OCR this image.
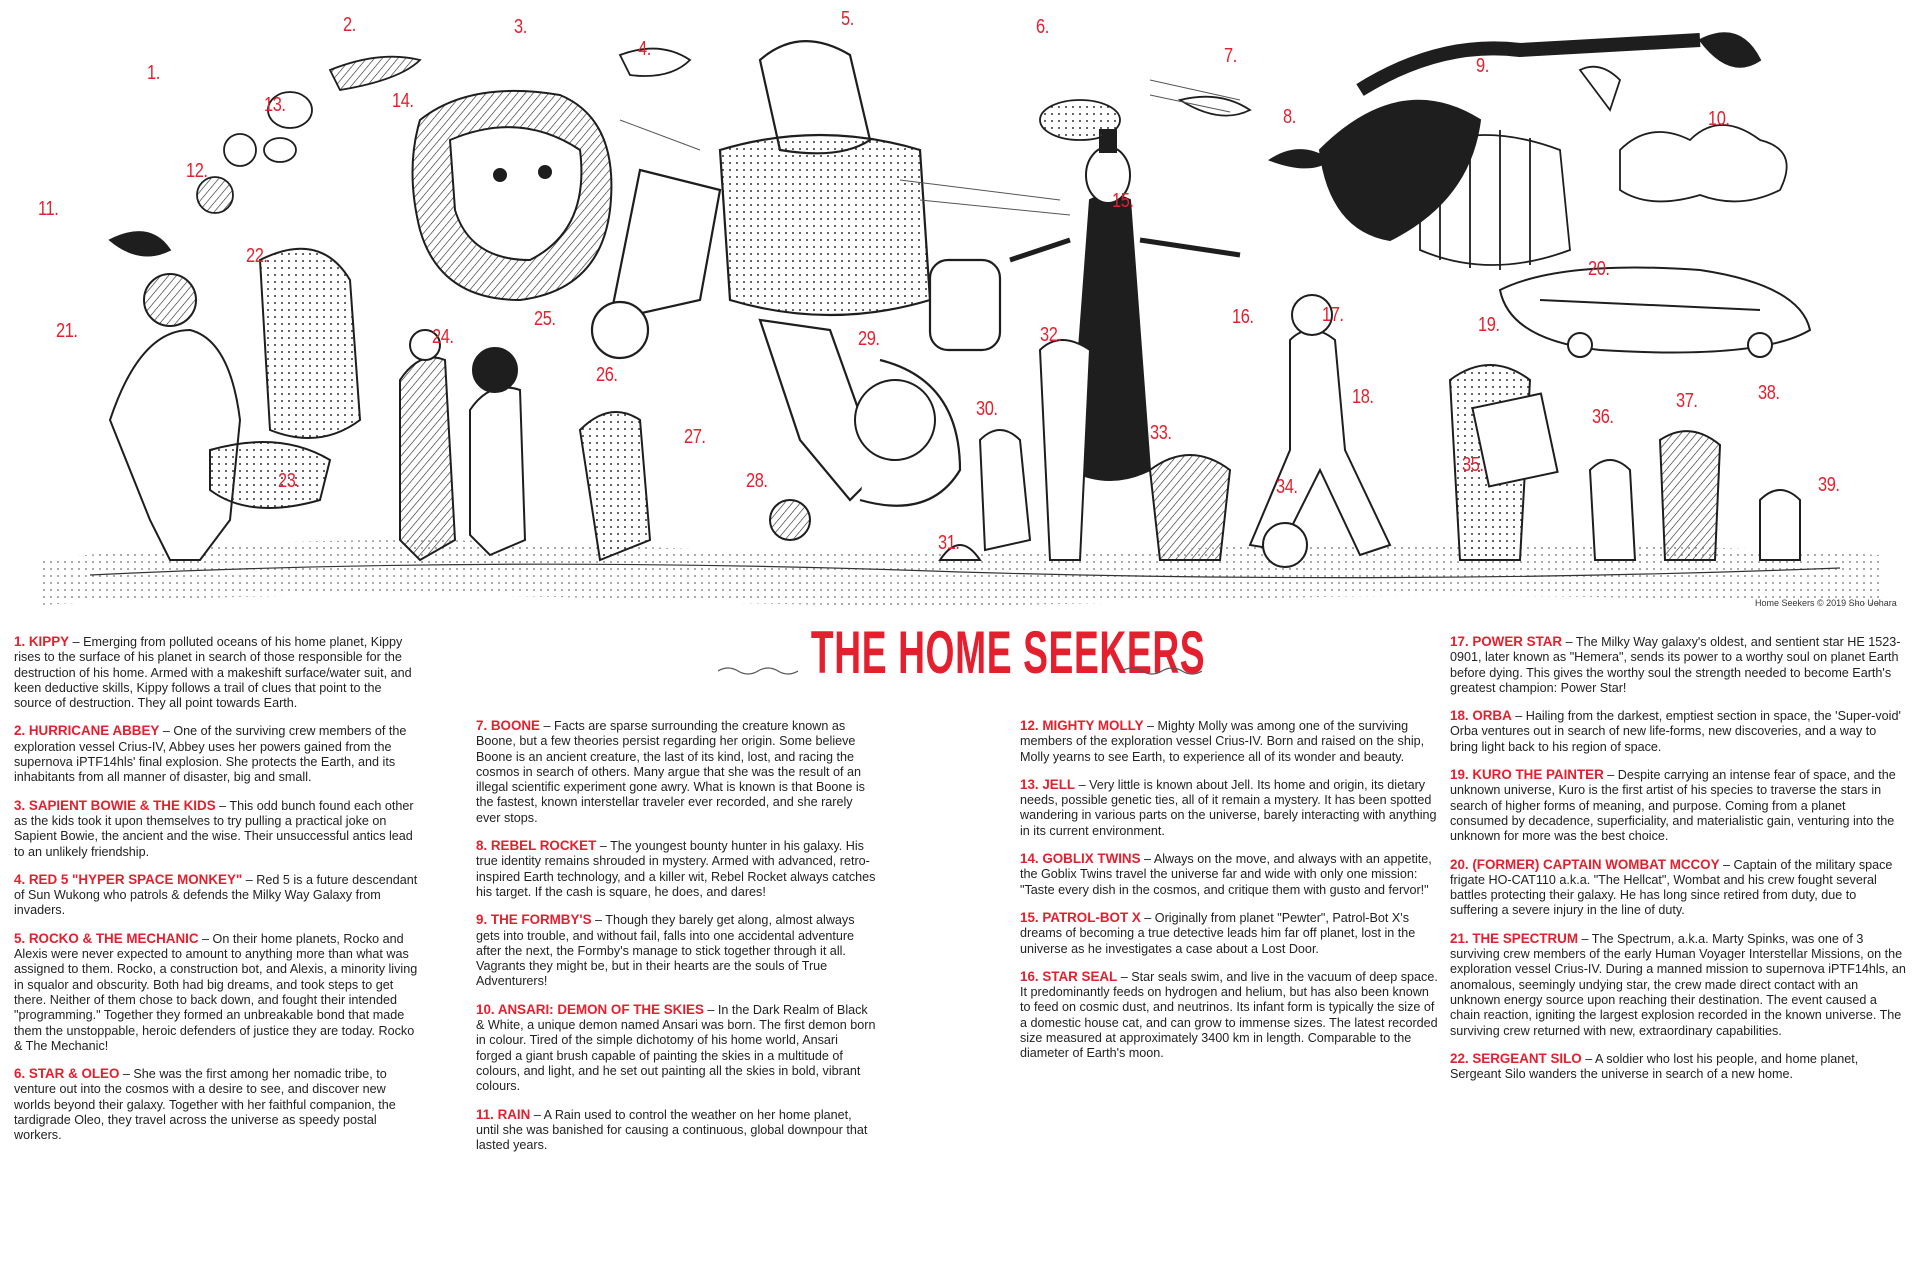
1.
2.	3.
4.
5.	6.
7.
8.
9.
10.
11.
12.
13.	14.
15.
16.	17.
18.
19.
20.
21.
22.
23.
24.
25.
26.
27.
28.
29.
30.
31.
32.
33.
34.
35.
36.
37.	38.
39.
Home Seekers © 2019 Sho Uehara
THE HOME SEEKERS

1. KIPPY – Emerging from polluted oceans of his home planet, Kippy rises to the surface of his planet in search of those responsible for the destruction of his home. Armed with a makeshift surface/water suit, and keen deductive skills, Kippy follows a trail of clues that point to the source of destruction. They all point towards Earth.

2. HURRICANE ABBEY – One of the surviving crew members of the exploration vessel Crius-IV, Abbey uses her powers gained from the supernova iPTF14hls' final explosion. She protects the Earth, and its inhabitants from all manner of disaster, big and small.

3. SAPIENT BOWIE & THE KIDS – This odd bunch found each other as the kids took it upon themselves to try pulling a practical joke on Sapient Bowie, the ancient and the wise. Their unsuccessful antics lead to an unlikely friendship.

4. RED 5 "HYPER SPACE MONKEY" – Red 5 is a future descendant of Sun Wukong who patrols & defends the Milky Way Galaxy from invaders.

5. ROCKO & THE MECHANIC – On their home planets, Rocko and Alexis were never expected to amount to anything more than what was assigned to them. Rocko, a construction bot, and Alexis, a minority living in squalor and obscurity. Both had big dreams, and took steps to get there. Neither of them chose to back down, and fought their intended "programming." Together they formed an unbreakable bond that made them the unstoppable, heroic defenders of justice they are today. Rocko & The Mechanic!

6. STAR & OLEO – She was the first among her nomadic tribe, to venture out into the cosmos with a desire to see, and discover new worlds beyond their galaxy. Together with her faithful companion, the tardigrade Oleo, they travel across the universe as speedy postal workers.

7. BOONE – Facts are sparse surrounding the creature known as Boone, but a few theories persist regarding her origin. Some believe Boone is an ancient creature, the last of its kind, lost, and racing the cosmos in search of others. Many argue that she was the result of an illegal scientific experiment gone awry. What is known is that Boone is the fastest, known interstellar traveler ever recorded, and she rarely ever stops.

8. REBEL ROCKET – The youngest bounty hunter in his galaxy. His true identity remains shrouded in mystery. Armed with advanced, retro-inspired Earth technology, and a killer wit, Rebel Rocket always catches his target. If the cash is square, he does, and dares!

9. THE FORMBY'S – Though they barely get along, almost always gets into trouble, and without fail, falls into one accidental adventure after the next, the Formby's manage to stick together through it all. Vagrants they might be, but in their hearts are the souls of True Adventurers!

10. ANSARI: DEMON OF THE SKIES – In the Dark Realm of Black & White, a unique demon named Ansari was born. The first demon born in colour. Tired of the simple dichotomy of his home world, Ansari forged a giant brush capable of painting the skies in a multitude of colours, and light, and he set out painting all the skies in bold, vibrant colours.

11. RAIN – A Rain used to control the weather on her home planet, until she was banished for causing a continuous, global downpour that lasted years.

12. MIGHTY MOLLY – Mighty Molly was among one of the surviving members of the exploration vessel Crius-IV. Born and raised on the ship, Molly yearns to see Earth, to experience all of its wonder and beauty.

13. JELL – Very little is known about Jell. Its home and origin, its dietary needs, possible genetic ties, all of it remain a mystery. It has been spotted wandering in various parts on the universe, barely interacting with anything in its current environment.

14. GOBLIX TWINS – Always on the move, and always with an appetite, the Goblix Twins travel the universe far and wide with only one mission: "Taste every dish in the cosmos, and critique them with gusto and fervor!"

15. PATROL-BOT X – Originally from planet "Pewter", Patrol-Bot X's dreams of becoming a true detective leads him far off planet, lost in the universe as he investigates a case about a Lost Door.

16. STAR SEAL – Star seals swim, and live in the vacuum of deep space. It predominantly feeds on hydrogen and helium, but has also been known to feed on cosmic dust, and neutrinos. Its infant form is typically the size of a domestic house cat, and can grow to immense sizes. The latest recorded size measured at approximately 3400 km in length. Comparable to the diameter of Earth's moon.

17. POWER STAR – The Milky Way galaxy's oldest, and sentient star HE 1523-0901, later known as "Hemera", sends its power to a worthy soul on planet Earth before dying. This gives the worthy soul the strength needed to become Earth's greatest champion: Power Star!

18. ORBA – Hailing from the darkest, emptiest section in space, the 'Super-void' Orba ventures out in search of new life-forms, new discoveries, and a way to bring light back to his region of space.

19. KURO THE PAINTER – Despite carrying an intense fear of space, and the unknown universe, Kuro is the first artist of his species to traverse the stars in search of higher forms of meaning, and purpose. Coming from a planet consumed by decadence, superficiality, and materialistic gain, venturing into the unknown for more was the best choice.

20. (FORMER) CAPTAIN WOMBAT MCCOY – Captain of the military space frigate HO-CAT110 a.k.a. "The Hellcat", Wombat and his crew fought several battles protecting their galaxy. He has long since retired from duty, due to suffering a severe injury in the line of duty.

21. THE SPECTRUM – The Spectrum, a.k.a. Marty Spinks, was one of 3 surviving crew members of the early Human Voyager Interstellar Missions, on the exploration vessel Crius-IV. During a manned mission to supernova iPTF14hls, an anomalous, seemingly undying star, the crew made direct contact with an unknown energy source upon reaching their destination. The event caused a chain reaction, igniting the largest explosion recorded in the known universe. The surviving crew returned with new, extraordinary capabilities.

22. SERGEANT SILO – A soldier who lost his people, and home planet, Sergeant Silo wanders the universe in search of a new home.
